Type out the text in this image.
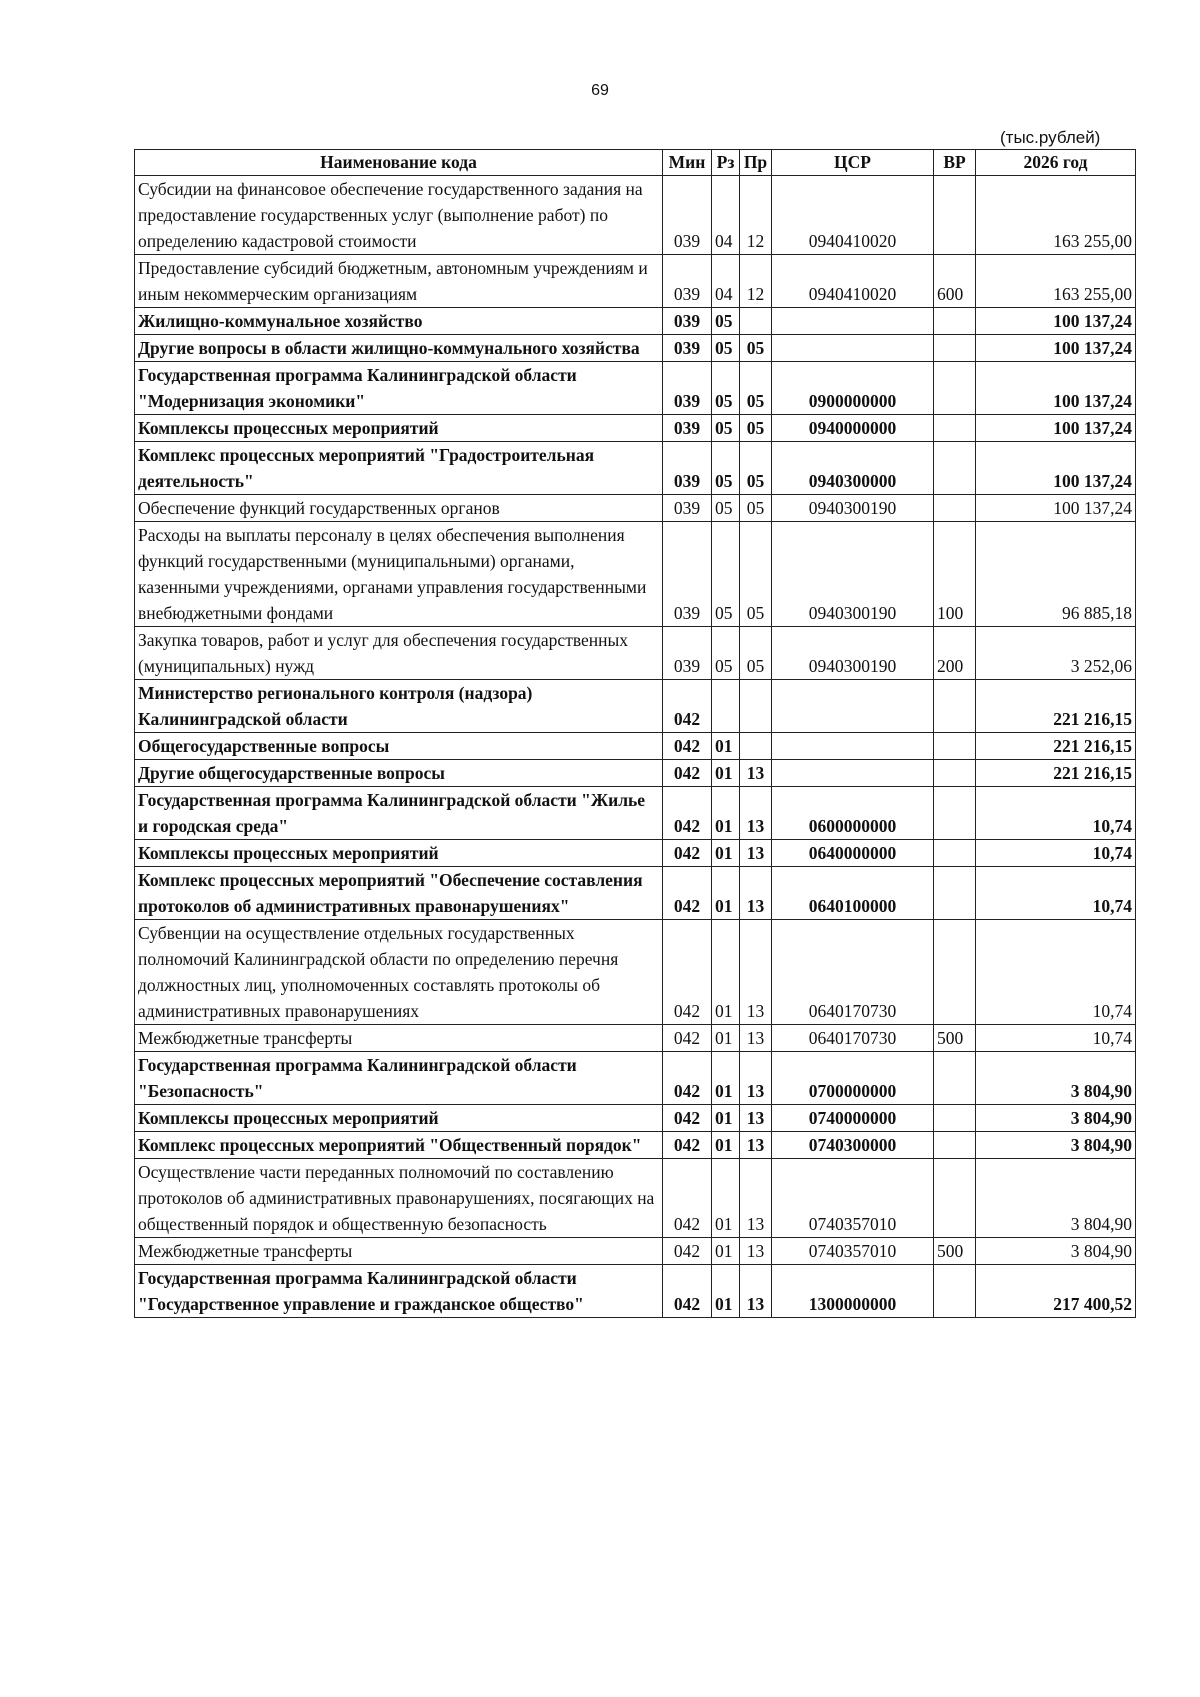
69
(тыс.рублей)
Наименование кода	Мин	Рз	Пр	ЦСР	ВР	2026 год
Субсидии на финансовое обеспечение государственного задания на предоставление государственных услуг (выполнение работ) по определению кадастровой стоимости	039	04	12	0940410020		163 255,00
Предоставление субсидий бюджетным, автономным учреждениям и иным некоммерческим организациям	039	04	12	0940410020	600	163 255,00
Жилищно-коммунальное хозяйство	039	05				100 137,24
Другие вопросы в области жилищно-коммунального хозяйства	039	05	05			100 137,24
Государственная программа Калининградской области "Модернизация экономики"	039	05	05	0900000000		100 137,24
Комплексы процессных мероприятий	039	05	05	0940000000		100 137,24
Комплекс процессных мероприятий "Градостроительная деятельность"	039	05	05	0940300000		100 137,24
Обеспечение функций государственных органов	039	05	05	0940300190		100 137,24
Расходы на выплаты персоналу в целях обеспечения выполнения функций государственными (муниципальными) органами, казенными учреждениями, органами управления государственными внебюджетными фондами	039	05	05	0940300190	100	96 885,18
Закупка товаров, работ и услуг для обеспечения государственных (муниципальных) нужд	039	05	05	0940300190	200	3 252,06
Министерство регионального контроля (надзора) Калининградской области	042					221 216,15
Общегосударственные вопросы	042	01				221 216,15
Другие общегосударственные вопросы	042	01	13			221 216,15
Государственная программа Калининградской области "Жилье и городская среда"	042	01	13	0600000000		10,74
Комплексы процессных мероприятий	042	01	13	0640000000		10,74
Комплекс процессных мероприятий "Обеспечение составления протоколов об административных правонарушениях"	042	01	13	0640100000		10,74
Субвенции на осуществление отдельных государственных полномочий Калининградской области по определению перечня должностных лиц, уполномоченных составлять протоколы об административных правонарушениях	042	01	13	0640170730		10,74
Межбюджетные трансферты	042	01	13	0640170730	500	10,74
Государственная программа Калининградской области "Безопасность"	042	01	13	0700000000		3 804,90
Комплексы процессных мероприятий	042	01	13	0740000000		3 804,90
Комплекс процессных мероприятий "Общественный порядок"	042	01	13	0740300000		3 804,90
Осуществление части переданных полномочий по составлению протоколов об административных правонарушениях, посягающих на общественный порядок и общественную безопасность	042	01	13	0740357010		3 804,90
Межбюджетные трансферты	042	01	13	0740357010	500	3 804,90
Государственная программа Калининградской области "Государственное управление и гражданское общество"	042	01	13	1300000000		217 400,52
